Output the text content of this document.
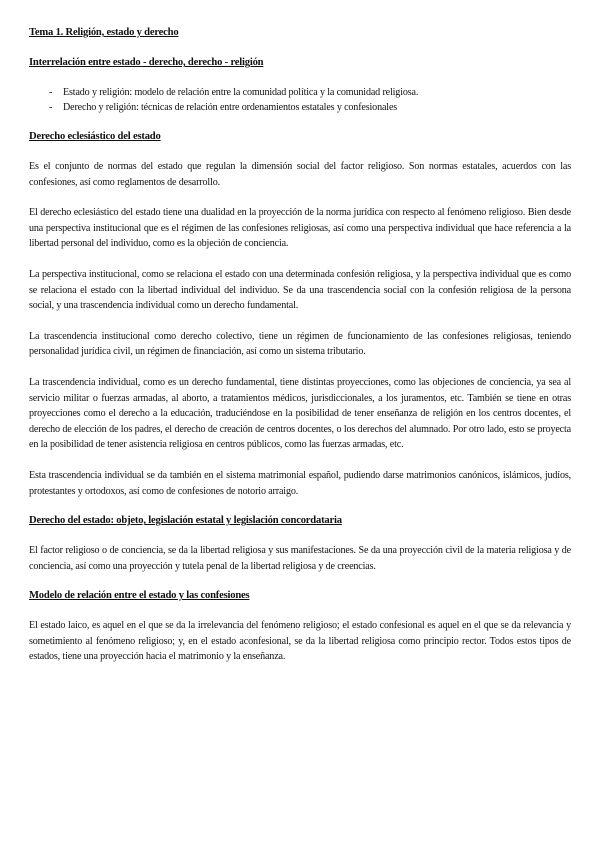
Tema 1. Religión, estado y derecho
Interrelación entre estado - derecho, derecho - religión
-	Estado y religión: modelo de relación entre la comunidad política y la comunidad religiosa.
-	Derecho y religión: técnicas de relación entre ordenamientos estatales y confesionales
Derecho eclesiástico del estado

Es el conjunto de normas del estado que regulan la dimensión social del factor religioso. Son normas estatales, acuerdos con las confesiones, así como reglamentos de desarrollo.

El derecho eclesiástico del estado tiene una dualidad en la proyección de la norma jurídica con respecto al fenómeno religioso. Bien desde una perspectiva institucional que es el régimen de las confesiones religiosas, así como una perspectiva individual que hace referencia a la libertad personal del individuo, como es la objeción de conciencia.

La perspectiva institucional, como se relaciona el estado con una determinada confesión religiosa, y la perspectiva individual que es como se relaciona el estado con la libertad individual del individuo. Se da una trascendencia social con la confesión religiosa de la persona social, y una trascendencia individual como un derecho fundamental.

La trascendencia institucional como derecho colectivo, tiene un régimen de funcionamiento de las confesiones religiosas, teniendo personalidad jurídica civil, un régimen de financiación, así como un sistema tributario.

La trascendencia individual, como es un derecho fundamental, tiene distintas proyecciones, como las objeciones de conciencia, ya sea al servicio militar o fuerzas armadas, al aborto, a tratamientos médicos, jurisdiccionales, a los juramentos, etc. También se tiene en otras proyecciones como el derecho a la educación, traduciéndose en la posibilidad de tener enseñanza de religión en los centros docentes, el derecho de elección de los padres, el derecho de creación de centros docentes, o los derechos del alumnado. Por otro lado, esto se proyecta en la posibilidad de tener asistencia religiosa en centros públicos, como las fuerzas armadas, etc.

Esta trascendencia individual se da también en el sistema matrimonial español, pudiendo darse matrimonios canónicos, islámicos, judíos, protestantes y ortodoxos, así como de confesiones de notorio arraigo.

Derecho del estado: objeto, legislación estatal y legislación concordataria

El factor religioso o de conciencia, se da la libertad religiosa y sus manifestaciones. Se da una proyección civil de la materia religiosa y de conciencia, así como una proyección y tutela penal de la libertad religiosa y de creencias.

Modelo de relación entre el estado y las confesiones

El estado laico, es aquel en el que se da la irrelevancia del fenómeno religioso; el estado confesional es aquel en el que se da relevancia y sometimiento al fenómeno religioso; y, en el estado aconfesional, se da la libertad religiosa como principio rector. Todos estos tipos de estados, tiene una proyección hacia el matrimonio y la enseñanza.
